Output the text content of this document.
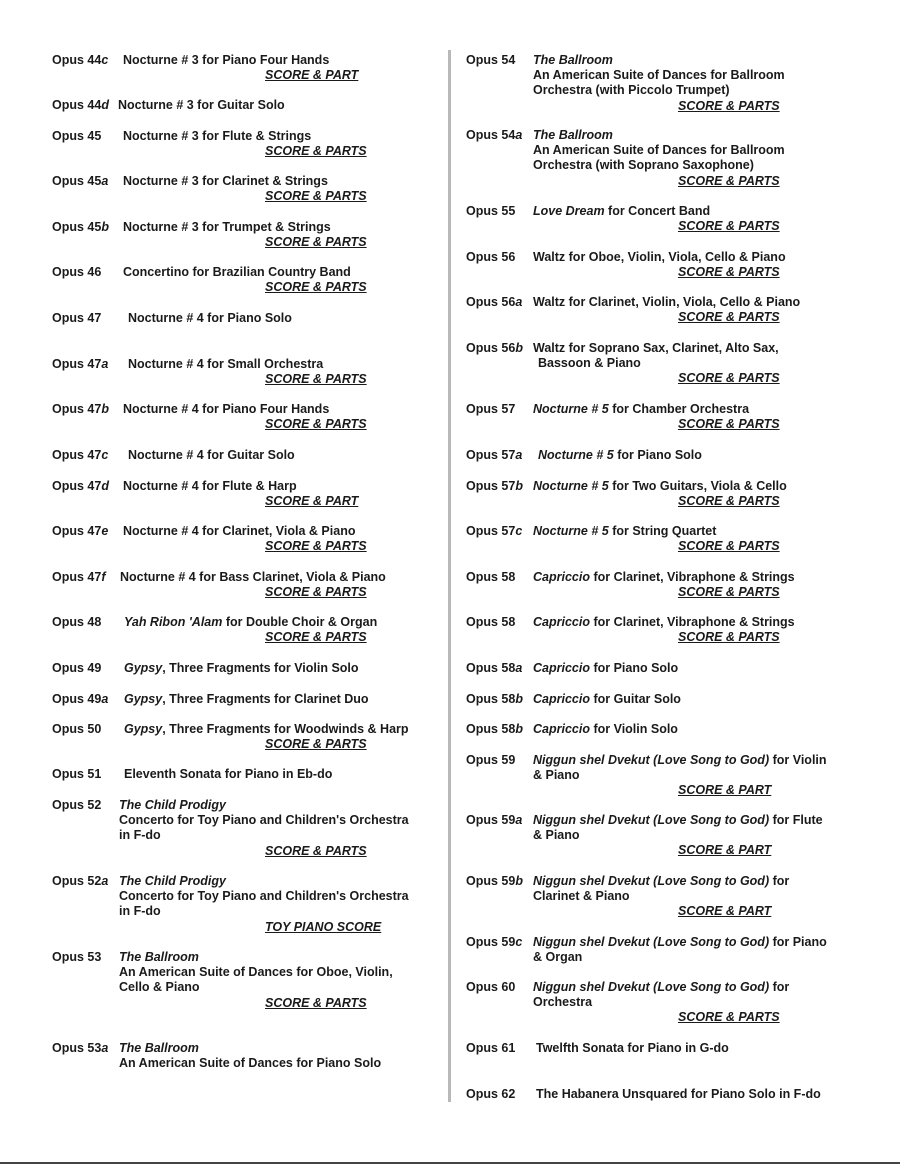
Opus 44c Nocturne # 3 for Piano Four Hands
SCORE & PART
Opus 44d Nocturne # 3 for Guitar Solo
Opus 45 Nocturne # 3 for Flute & Strings
SCORE & PARTS
Opus 45a Nocturne # 3 for Clarinet & Strings
SCORE & PARTS
Opus 45b Nocturne # 3 for Trumpet & Strings
SCORE & PARTS
Opus 46 Concertino for Brazilian Country Band
SCORE & PARTS
Opus 47 Nocturne # 4 for Piano Solo
Opus 47a Nocturne # 4 for Small Orchestra
SCORE & PARTS
Opus 47b Nocturne # 4 for Piano Four Hands
SCORE & PARTS
Opus 47c Nocturne # 4 for Guitar Solo
Opus 47d Nocturne # 4 for Flute & Harp
SCORE & PART
Opus 47e Nocturne # 4 for Clarinet, Viola & Piano
SCORE & PARTS
Opus 47f Nocturne # 4 for Bass Clarinet, Viola & Piano
SCORE & PARTS
Opus 48 Yah Ribon 'Alam for Double Choir & Organ
SCORE & PARTS
Opus 49 Gypsy, Three Fragments for Violin Solo
Opus 49a Gypsy, Three Fragments for Clarinet Duo
Opus 50 Gypsy, Three Fragments for Woodwinds & Harp
SCORE & PARTS
Opus 51 Eleventh Sonata for Piano in Eb-do
Opus 52 The Child Prodigy
Concerto for Toy Piano and Children's Orchestra
in F-do
SCORE & PARTS
Opus 52a The Child Prodigy
Concerto for Toy Piano and Children's Orchestra
in F-do
TOY PIANO SCORE
Opus 53 The Ballroom
An American Suite of Dances for Oboe, Violin,
Cello & Piano
SCORE & PARTS
Opus 53a The Ballroom
An American Suite of Dances for Piano Solo
Opus 54 The Ballroom
An American Suite of Dances for Ballroom
Orchestra (with Piccolo Trumpet)
SCORE & PARTS
Opus 54a The Ballroom
An American Suite of Dances for Ballroom
Orchestra (with Soprano Saxophone)
SCORE & PARTS
Opus 55 Love Dream for Concert Band
SCORE & PARTS
Opus 56 Waltz for Oboe, Violin, Viola, Cello & Piano
SCORE & PARTS
Opus 56a Waltz for Clarinet, Violin, Viola, Cello & Piano
SCORE & PARTS
Opus 56b Waltz for Soprano Sax, Clarinet, Alto Sax,
Bassoon & Piano
SCORE & PARTS
Opus 57 Nocturne # 5 for Chamber Orchestra
SCORE & PARTS
Opus 57a Nocturne # 5 for Piano Solo
Opus 57b Nocturne # 5 for Two Guitars, Viola & Cello
SCORE & PARTS
Opus 57c Nocturne # 5 for String Quartet
SCORE & PARTS
Opus 58 Capriccio for Clarinet, Vibraphone & Strings
SCORE & PARTS
Opus 58 Capriccio for Clarinet, Vibraphone & Strings
SCORE & PARTS
Opus 58a Capriccio for Piano Solo
Opus 58b Capriccio for Guitar Solo
Opus 58b Capriccio for Violin Solo
Opus 59 Niggun shel Dvekut (Love Song to God) for Violin
& Piano
SCORE & PART
Opus 59a Niggun shel Dvekut (Love Song to God) for Flute
& Piano
SCORE & PART
Opus 59b Niggun shel Dvekut (Love Song to God) for
Clarinet & Piano
SCORE & PART
Opus 59c Niggun shel Dvekut (Love Song to God) for Piano
& Organ
Opus 60 Niggun shel Dvekut (Love Song to God) for
Orchestra
SCORE & PARTS
Opus 61 Twelfth Sonata for Piano in G-do
Opus 62 The Habanera Unsquared for Piano Solo in F-do
